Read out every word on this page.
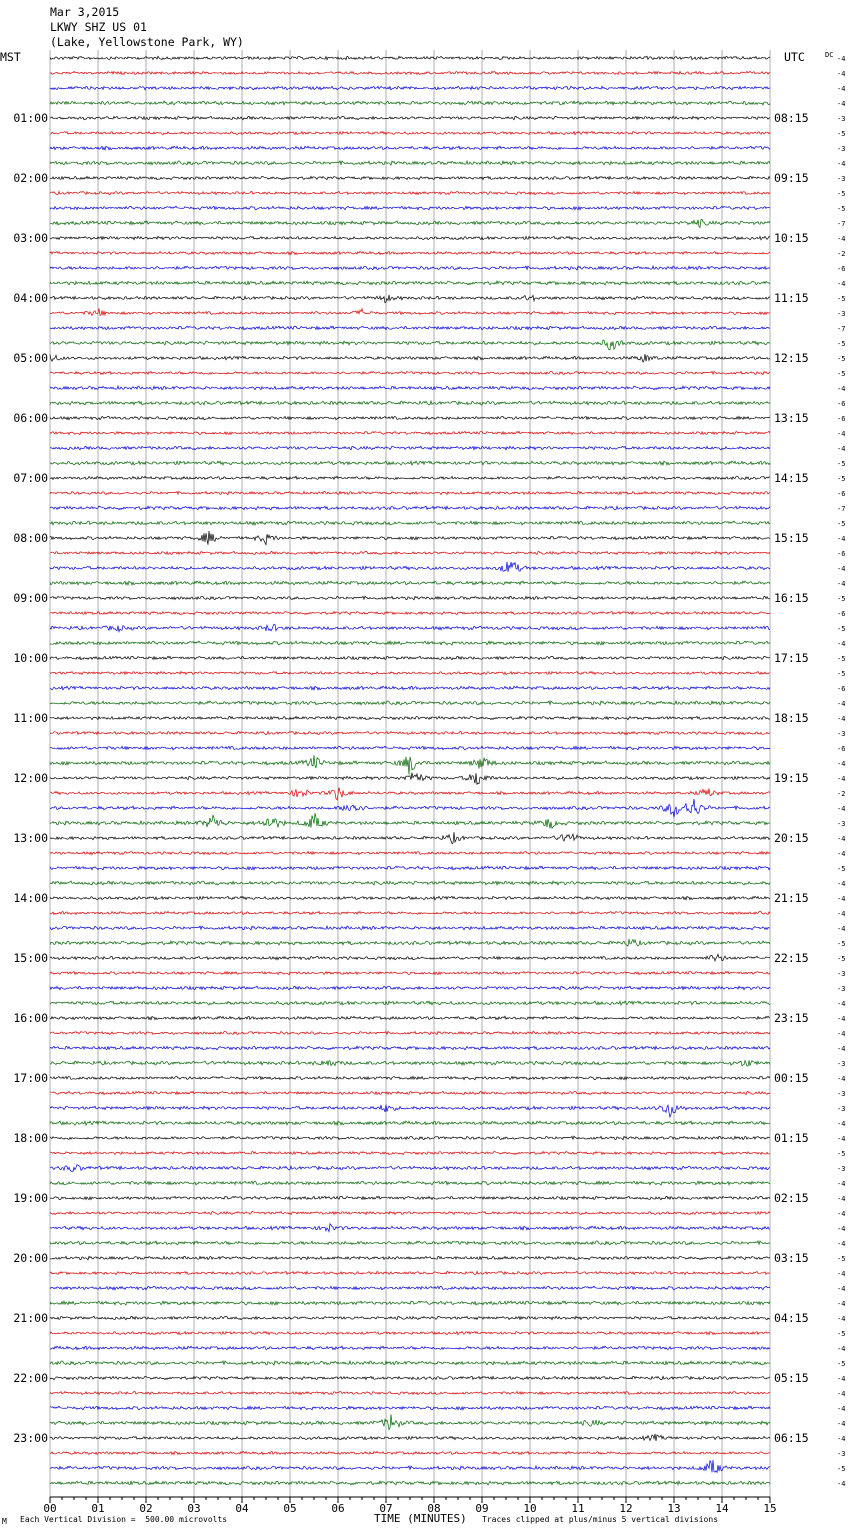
Mar 3,2015
LKWY SHZ US 01
(Lake, Yellowstone Park, WY)
MST	UTC
01:00
02:00
03:00
04:00
05:00
06:00
07:00
08:00
09:00
10:00
11:00
12:00
13:00
14:00
15:00
16:00
17:00
18:00
19:00
20:00
21:00
22:00
23:00
08:15
09:15
10:15
11:15
12:15
13:15
14:15
15:15
16:15
17:15
18:15
19:15
20:15
21:15
22:15
23:15
00:15
01:15
02:15
03:15
04:15
05:15
06:15
DC -4
-4
-4
-4
-3
-5
-3
-4
-3
-5
-5
-7
-4
-2
-6
-4
-5
-3
-7
-5
-5
-5
-4
-6
-6
-4
-4
-5
-5
-6
-7
-5
-4
-6
-4
-4
-5
-6
-5
-4
-5
-5
-6
-4
-4
-3
-6
-4
-4
-2
-4
-3
-4
-4
-5
-4
-4
-4
-4
-5
-5
-3
-3
-4
-4
-4
-4
-3
-4
-3
-3
-4
-4
-5
-3
-4
-4
-4
-4
-4
-5
-4
-4
-4
-4
-5
-4
-5
-4
-4
-4
-4
-4
-3
-5
-4
00	01	02	03	04	05	06	07	08	09	10	11	12	13	14	15
M Each Vertical Division =  500.00 microvolts	TIME (MINUTES) Traces clipped at plus/minus 5 vertical divisions
